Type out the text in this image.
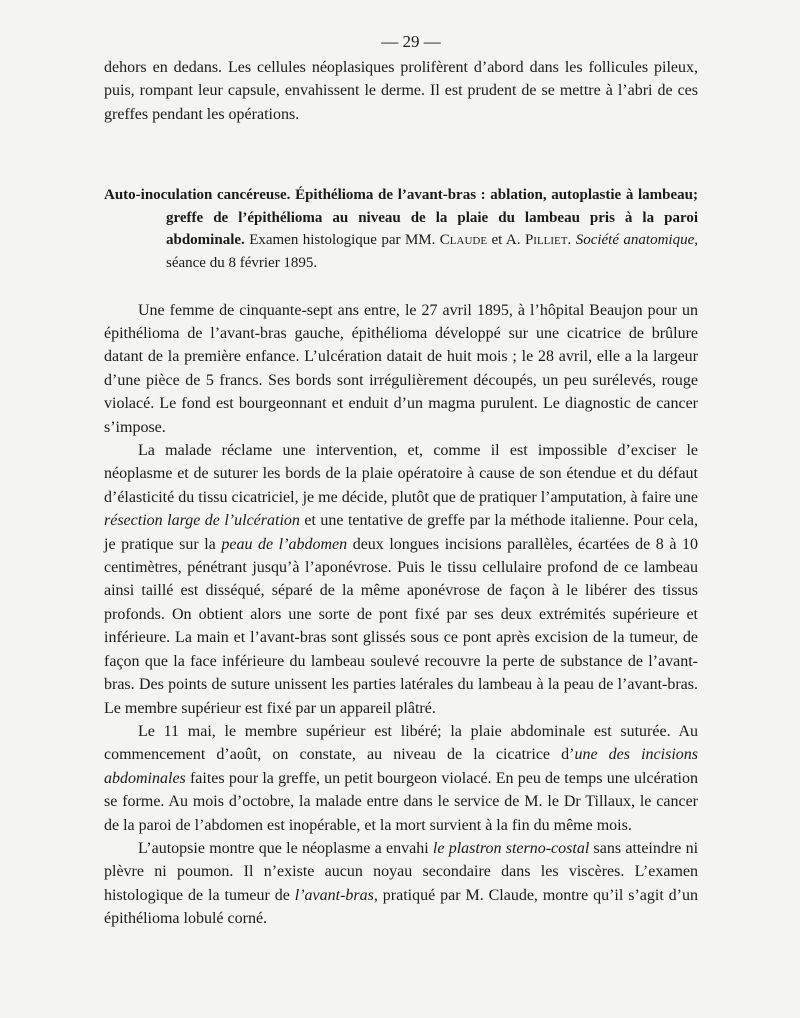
— 29 —

dehors en dedans. Les cellules néoplasiques prolifèrent d’abord dans les follicules pileux, puis, rompant leur capsule, envahissent le derme. Il est prudent de se mettre à l’abri de ces greffes pendant les opérations.

Auto-inoculation cancéreuse. Épithélioma de l’avant-bras : ablation, autoplastie à lambeau; greffe de l’épithélioma au niveau de la plaie du lambeau pris à la paroi abdominale. Examen histologique par MM. Claude et A. Pilliet. Société anatomique, séance du 8 février 1895.

Une femme de cinquante-sept ans entre, le 27 avril 1895, à l’hôpital Beaujon pour un épithélioma de l’avant-bras gauche, épithélioma développé sur une cicatrice de brûlure datant de la première enfance. L’ulcération datait de huit mois ; le 28 avril, elle a la largeur d’une pièce de 5 francs. Ses bords sont irrégulièrement découpés, un peu surélevés, rouge violacé. Le fond est bourgeonnant et enduit d’un magma purulent. Le diagnostic de cancer s’impose.

La malade réclame une intervention, et, comme il est impossible d’exciser le néoplasme et de suturer les bords de la plaie opératoire à cause de son étendue et du défaut d’élasticité du tissu cicatriciel, je me décide, plutôt que de pratiquer l’amputation, à faire une résection large de l’ulcération et une tentative de greffe par la méthode italienne. Pour cela, je pratique sur la peau de l’abdomen deux longues incisions parallèles, écartées de 8 à 10 centimètres, pénétrant jusqu’à l’aponévrose. Puis le tissu cellulaire profond de ce lambeau ainsi taillé est disséqué, séparé de la même aponévrose de façon à le libérer des tissus profonds. On obtient alors une sorte de pont fixé par ses deux extrémités supérieure et inférieure. La main et l’avant-bras sont glissés sous ce pont après excision de la tumeur, de façon que la face inférieure du lambeau soulevé recouvre la perte de substance de l’avant-bras. Des points de suture unissent les parties latérales du lambeau à la peau de l’avant-bras. Le membre supérieur est fixé par un appareil plâtré.

Le 11 mai, le membre supérieur est libéré; la plaie abdominale est suturée. Au commencement d’août, on constate, au niveau de la cicatrice d’une des incisions abdominales faites pour la greffe, un petit bourgeon violacé. En peu de temps une ulcération se forme. Au mois d’octobre, la malade entre dans le service de M. le Dr Tillaux, le cancer de la paroi de l’abdomen est inopérable, et la mort survient à la fin du même mois.

L’autopsie montre que le néoplasme a envahi le plastron sterno-costal sans atteindre ni plèvre ni poumon. Il n’existe aucun noyau secondaire dans les viscères. L’examen histologique de la tumeur de l’avant-bras, pratiqué par M. Claude, montre qu’il s’agit d’un épithélioma lobulé corné.
